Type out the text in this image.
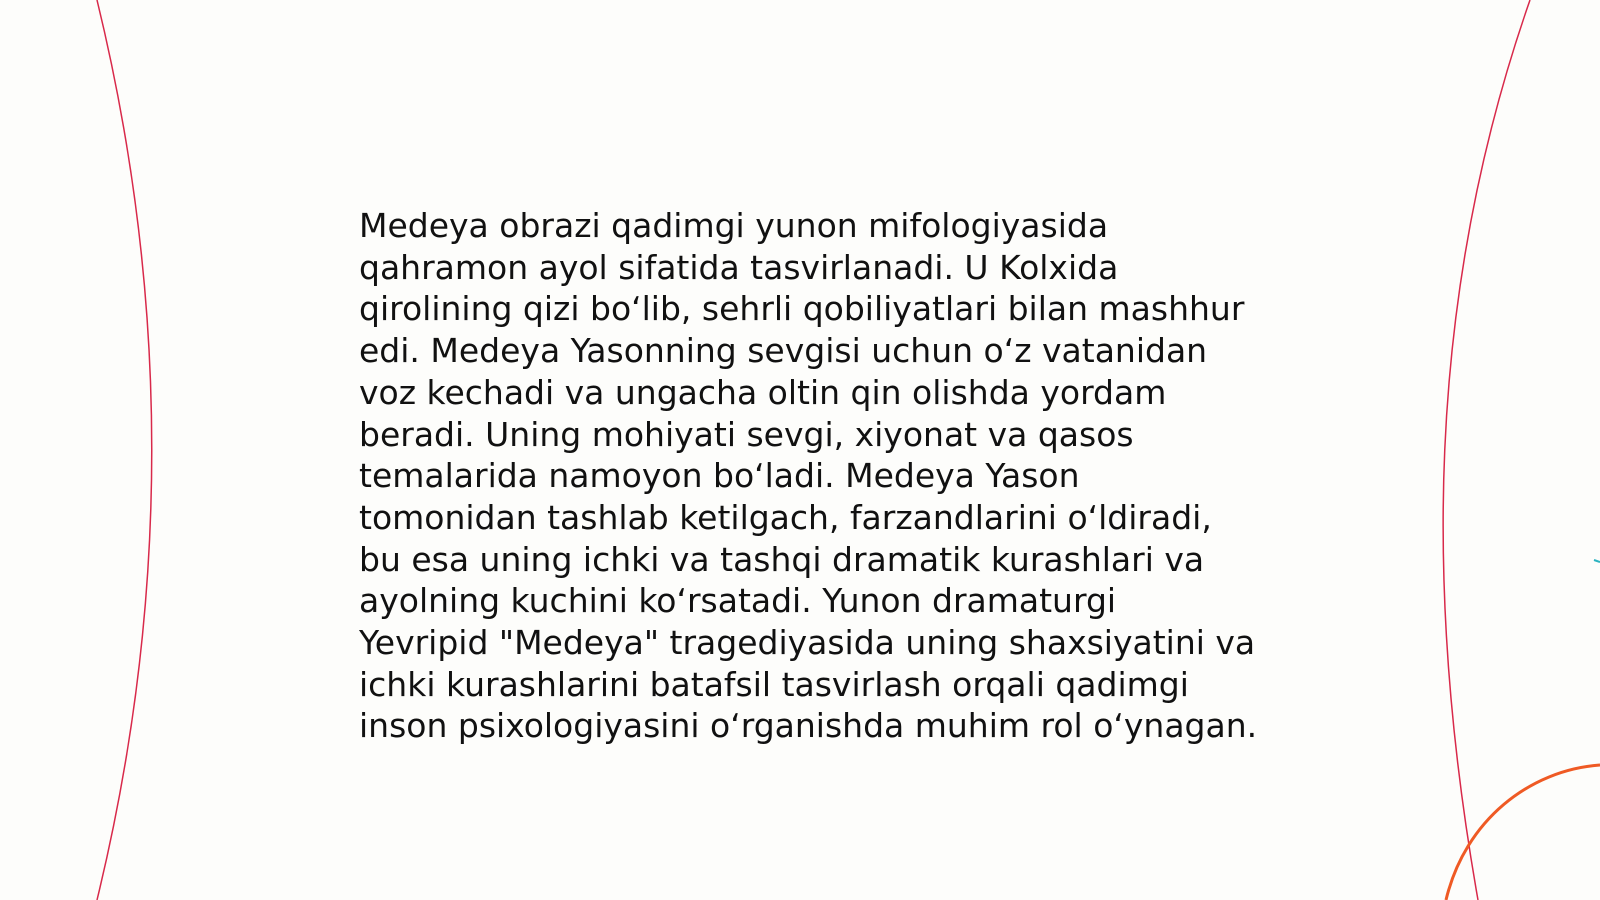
Medeya obrazi qadimgi yunon mifologiyasida
qahramon ayol sifatida tasvirlanadi. U Kolxida
qirolining qizi bo‘lib, sehrli qobiliyatlari bilan mashhur
edi. Medeya Yasonning sevgisi uchun o‘z vatanidan
voz kechadi va ungacha oltin qin olishda yordam
beradi. Uning mohiyati sevgi, xiyonat va qasos
temalarida namoyon bo‘ladi. Medeya Yason
tomonidan tashlab ketilgach, farzandlarini o‘ldiradi,
bu esa uning ichki va tashqi dramatik kurashlari va
ayolning kuchini ko‘rsatadi. Yunon dramaturgi
Yevripid "Medeya" tragediyasida uning shaxsiyatini va
ichki kurashlarini batafsil tasvirlash orqali qadimgi
inson psixologiyasini o‘rganishda muhim rol o‘ynagan.
